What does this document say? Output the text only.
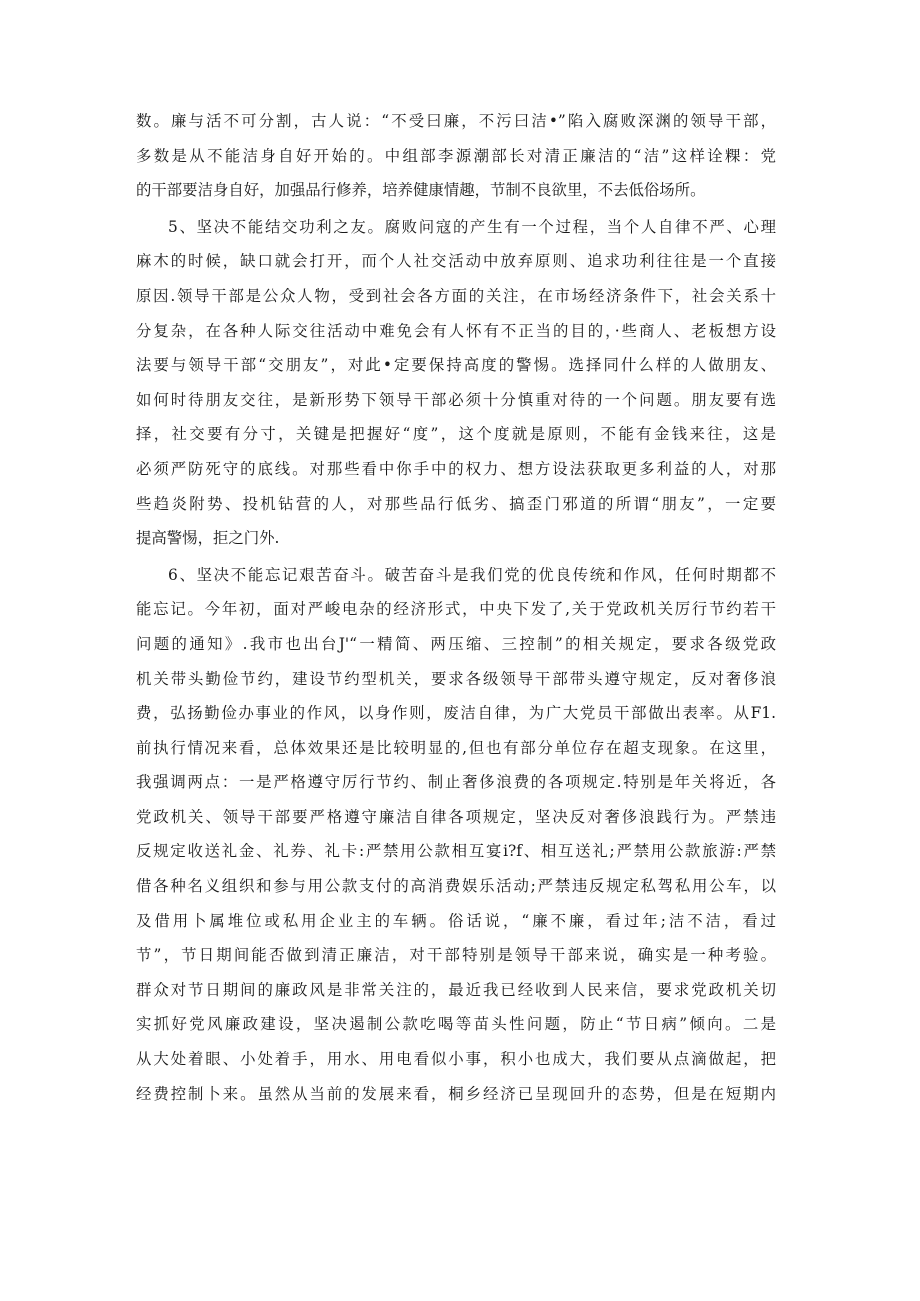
数。廉与活不可分割，古人说：“不受曰廉，不污曰洁•”陷入腐败深渊的领导干部，
多数是从不能洁身自好开始的。中组部李源潮部长对清正廉洁的“洁”这样诠粿：党
的干部要洁身自好，加强品行修养，培养健康情趣，节制不良欲里，不去低俗场所。
5、坚决不能结交功利之友。腐败问寇的产生有一个过程，当个人自律不严、心理
麻木的时候，缺口就会打开，而个人社交活动中放弃原则、追求功利往往是一个直接
原因.领导干部是公众人物，受到社会各方面的关注，在市场经济条件下，社会关系十
分复杂，在各种人际交往活动中难免会有人怀有不正当的目的，·些商人、老板想方设
法要与领导干部“交朋友”，对此•定要保持高度的警惕。选择同什么样的人做朋友、
如何时待朋友交往，是新形势下领导干部必须十分慎重对待的一个问题。朋友要有选
择，社交要有分寸，关键是把握好“度”，这个度就是原则，不能有金钱来往，这是
必须严防死守的底线。对那些看中你手中的权力、想方设法获取更多利益的人，对那
些趋炎附势、投机钻营的人，对那些品行低劣、搞歪门邪道的所谓“朋友”，一定要
提高警惕，拒之门外.
6、坚决不能忘记艰苦奋斗。破苦奋斗是我们党的优良传统和作风，任何时期都不
能忘记。今年初，面对严峻电杂的经济形式，中央下发了,关于党政机关厉行节约若干
问题的通知》.我市也出台J'“一精简、两压缩、三控制”的相关规定，要求各级党政
机关带头勤俭节约，建设节约型机关，要求各级领导干部带头遵守规定，反对奢侈浪
费，弘扬勤俭办事业的作风，以身作则，废洁自律，为广大党员干部做出表率。从F1.
前执行情况来看，总体效果还是比较明显的,但也有部分单位存在超支现象。在这里，
我强调两点：一是严格遵守厉行节约、制止奢侈浪费的各项规定.特别是年关将近，各
党政机关、领导干部要严格遵守廉洁自律各项规定，坚决反对奢侈浪践行为。严禁违
反规定收送礼金、礼券、礼卡:严禁用公款相互宴i?f、相互送礼;严禁用公款旅游:严禁
借各种名义组织和参与用公款支付的高消费娱乐活动;严禁违反规定私驾私用公车，以
及借用卜属堆位或私用企业主的车辆。俗话说，“廉不廉，看过年;洁不洁，看过
节”，节日期间能否做到清正廉洁，对干部特别是领导干部来说，确实是一种考验。
群众对节日期间的廉政风是非常关注的，最近我已经收到人民来信，要求党政机关切
实抓好党风廉政建设，坚决遏制公款吃喝等苗头性问题，防止“节日病”倾向。二是
从大处着眼、小处着手，用水、用电看似小事，积小也成大，我们要从点滴做起，把
经费控制卜来。虽然从当前的发展来看，桐乡经济已呈现回升的态势，但是在短期内
